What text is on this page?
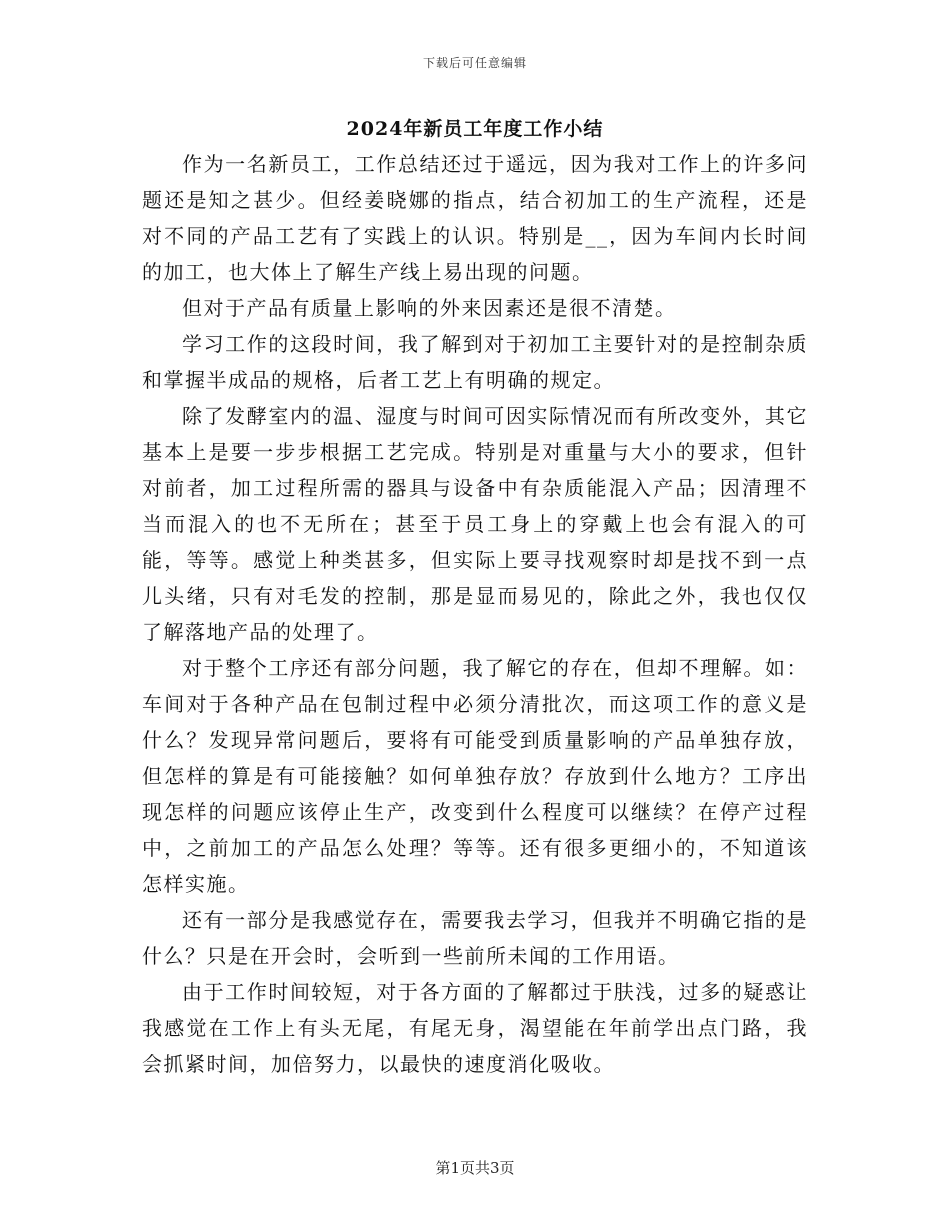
下载后可任意编辑
2024年新员工年度工作小结

作为一名新员工，工作总结还过于遥远，因为我对工作上的许多问题还是知之甚少。但经姜晓娜的指点，结合初加工的生产流程，还是对不同的产品工艺有了实践上的认识。特别是__，因为车间内长时间的加工，也大体上了解生产线上易出现的问题。

但对于产品有质量上影响的外来因素还是很不清楚。

学习工作的这段时间，我了解到对于初加工主要针对的是控制杂质和掌握半成品的规格，后者工艺上有明确的规定。

除了发酵室内的温、湿度与时间可因实际情况而有所改变外，其它基本上是要一步步根据工艺完成。特别是对重量与大小的要求，但针对前者，加工过程所需的器具与设备中有杂质能混入产品；因清理不当而混入的也不无所在；甚至于员工身上的穿戴上也会有混入的可能，等等。感觉上种类甚多，但实际上要寻找观察时却是找不到一点儿头绪，只有对毛发的控制，那是显而易见的，除此之外，我也仅仅了解落地产品的处理了。

对于整个工序还有部分问题，我了解它的存在，但却不理解。如：车间对于各种产品在包制过程中必须分清批次，而这项工作的意义是什么？发现异常问题后，要将有可能受到质量影响的产品单独存放，但怎样的算是有可能接触？如何单独存放？存放到什么地方？工序出现怎样的问题应该停止生产，改变到什么程度可以继续？在停产过程中，之前加工的产品怎么处理？等等。还有很多更细小的，不知道该怎样实施。

还有一部分是我感觉存在，需要我去学习，但我并不明确它指的是什么？只是在开会时，会听到一些前所未闻的工作用语。

由于工作时间较短，对于各方面的了解都过于肤浅，过多的疑惑让我感觉在工作上有头无尾，有尾无身，渴望能在年前学出点门路，我会抓紧时间，加倍努力，以最快的速度消化吸收。

第1页共3页
